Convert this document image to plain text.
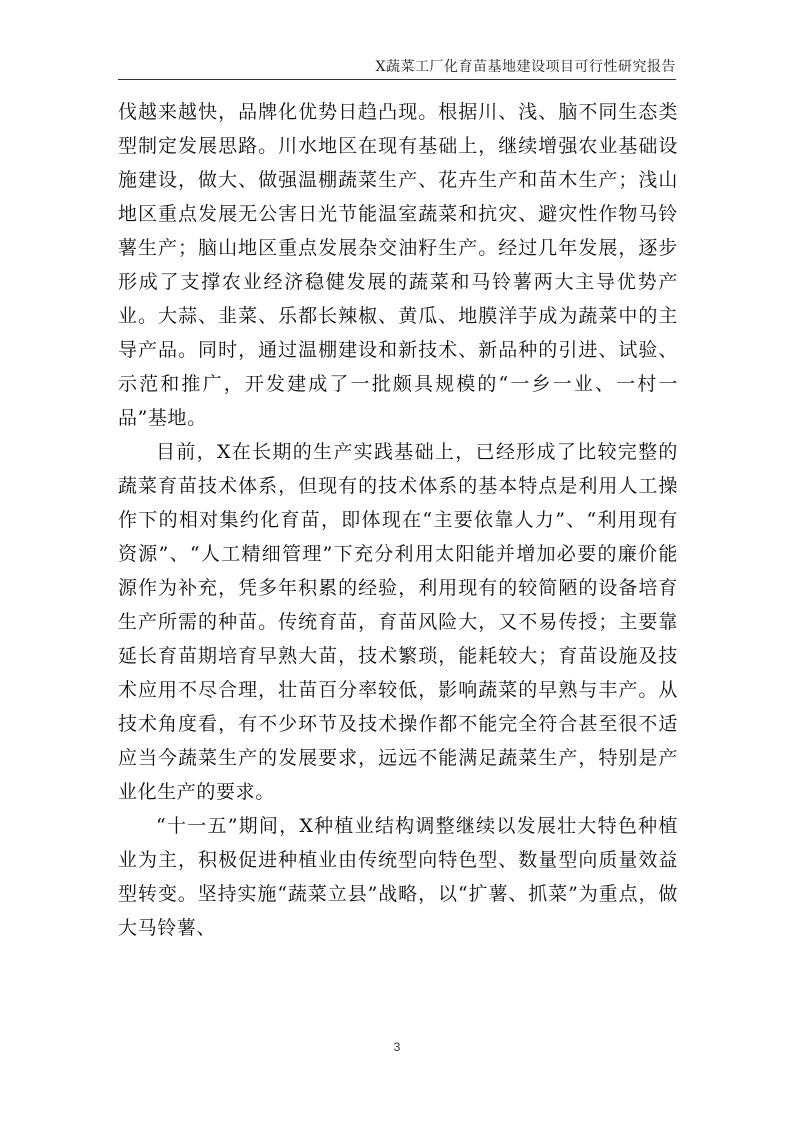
X蔬菜工厂化育苗基地建设项目可行性研究报告

伐越来越快，品牌化优势日趋凸现。根据川、浅、脑不同生态类型制定发展思路。川水地区在现有基础上，继续增强农业基础设施建设，做大、做强温棚蔬菜生产、花卉生产和苗木生产；浅山地区重点发展无公害日光节能温室蔬菜和抗灾、避灾性作物马铃薯生产；脑山地区重点发展杂交油籽生产。经过几年发展，逐步形成了支撑农业经济稳健发展的蔬菜和马铃薯两大主导优势产业。大蒜、韭菜、乐都长辣椒、黄瓜、地膜洋芋成为蔬菜中的主导产品。同时，通过温棚建设和新技术、新品种的引进、试验、示范和推广，开发建成了一批颇具规模的“一乡一业、一村一品”基地。

目前，X在长期的生产实践基础上，已经形成了比较完整的蔬菜育苗技术体系，但现有的技术体系的基本特点是利用人工操作下的相对集约化育苗，即体现在“主要依靠人力”、“利用现有资源”、“人工精细管理”下充分利用太阳能并增加必要的廉价能源作为补充，凭多年积累的经验，利用现有的较简陋的设备培育生产所需的种苗。传统育苗，育苗风险大，又不易传授；主要靠延长育苗期培育早熟大苗，技术繁琐，能耗较大；育苗设施及技术应用不尽合理，壮苗百分率较低，影响蔬菜的早熟与丰产。从技术角度看，有不少环节及技术操作都不能完全符合甚至很不适应当今蔬菜生产的发展要求，远远不能满足蔬菜生产，特别是产业化生产的要求。

“十一五”期间，X种植业结构调整继续以发展壮大特色种植业为主，积极促进种植业由传统型向特色型、数量型向质量效益型转变。坚持实施“蔬菜立县”战略，以“扩薯、抓菜”为重点，做大马铃薯、

3
